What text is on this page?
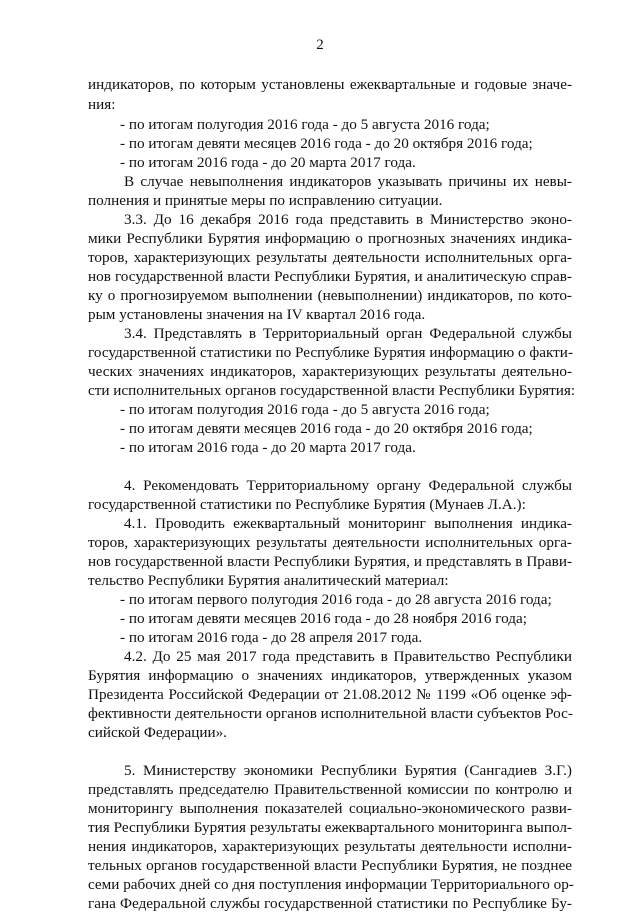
2
индикаторов, по которым установлены ежеквартальные и годовые значе-
ния:
- по итогам полугодия 2016 года - до 5 августа 2016 года;
- по итогам девяти месяцев 2016 года - до 20 октября 2016 года;
- по итогам 2016 года - до 20 марта 2017 года.
В случае невыполнения индикаторов указывать причины их невы-
полнения и принятые меры по исправлению ситуации.
3.3. До 16 декабря 2016 года представить в Министерство эконо-
мики Республики Бурятия информацию о прогнозных значениях индика-
торов, характеризующих результаты деятельности исполнительных орга-
нов государственной власти Республики Бурятия, и аналитическую справ-
ку о прогнозируемом выполнении (невыполнении) индикаторов, по кото-
рым установлены значения на IV квартал 2016 года.
3.4. Представлять в Территориальный орган Федеральной службы
государственной статистики по Республике Бурятия информацию о факти-
ческих значениях индикаторов, характеризующих результаты деятельно-
сти исполнительных органов государственной власти Республики Бурятия:
- по итогам полугодия 2016 года - до 5 августа 2016 года;
- по итогам девяти месяцев 2016 года - до 20 октября 2016 года;
- по итогам 2016 года - до 20 марта 2017 года.
4. Рекомендовать Территориальному органу Федеральной службы
государственной статистики по Республике Бурятия (Мунаев Л.А.):
4.1. Проводить ежеквартальный мониторинг выполнения индика-
торов, характеризующих результаты деятельности исполнительных орга-
нов государственной власти Республики Бурятия, и представлять в Прави-
тельство Республики Бурятия аналитический материал:
- по итогам первого полугодия 2016 года - до 28 августа 2016 года;
- по итогам девяти месяцев 2016 года - до 28 ноября 2016 года;
- по итогам 2016 года - до 28 апреля 2017 года.
4.2. До 25 мая 2017 года представить в Правительство Республики
Бурятия информацию о значениях индикаторов, утвержденных указом
Президента Российской Федерации от 21.08.2012 № 1199 «Об оценке эф-
фективности деятельности органов исполнительной власти субъектов Рос-
сийской Федерации».
5. Министерству экономики Республики Бурятия (Сангадиев З.Г.)
представлять председателю Правительственной комиссии по контролю и
мониторингу выполнения показателей социально-экономического разви-
тия Республики Бурятия результаты ежеквартального мониторинга выпол-
нения индикаторов, характеризующих результаты деятельности исполни-
тельных органов государственной власти Республики Бурятия, не позднее
семи рабочих дней со дня поступления информации Территориального ор-
гана Федеральной службы государственной статистики по Республике Бу-
